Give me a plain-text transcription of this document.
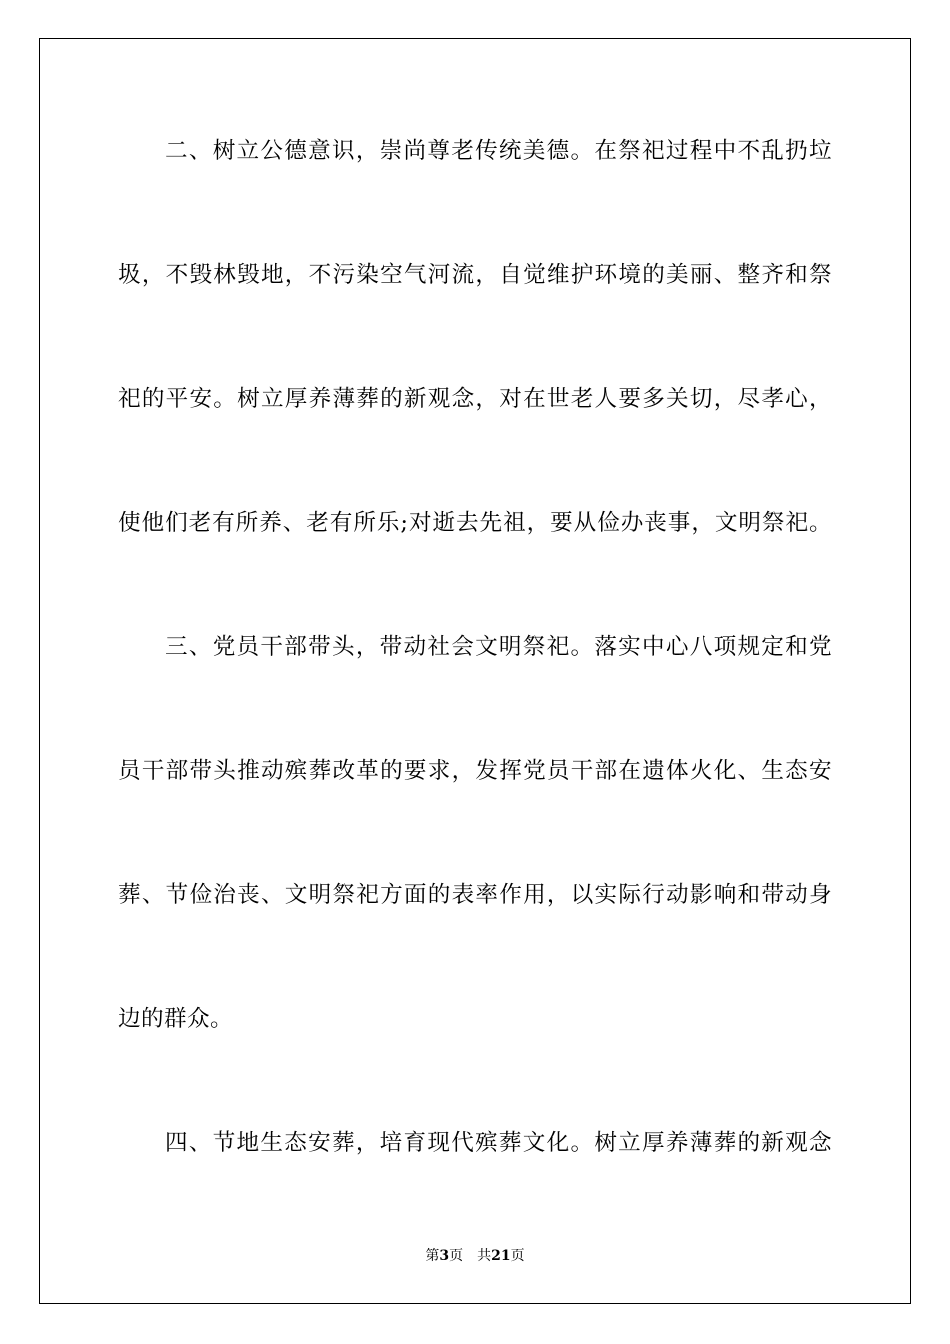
二、树立公德意识，崇尚尊老传统美德。在祭祀过程中不乱扔垃
圾，不毁林毁地，不污染空气河流，自觉维护环境的美丽、整齐和祭
祀的平安。树立厚养薄葬的新观念，对在世老人要多关切，尽孝心，
使他们老有所养、老有所乐;对逝去先祖，要从俭办丧事，文明祭祀。
三、党员干部带头，带动社会文明祭祀。落实中心八项规定和党
员干部带头推动殡葬改革的要求，发挥党员干部在遗体火化、生态安
葬、节俭治丧、文明祭祀方面的表率作用，以实际行动影响和带动身
边的群众。
四、节地生态安葬，培育现代殡葬文化。树立厚养薄葬的新观念
第3页 共21页
